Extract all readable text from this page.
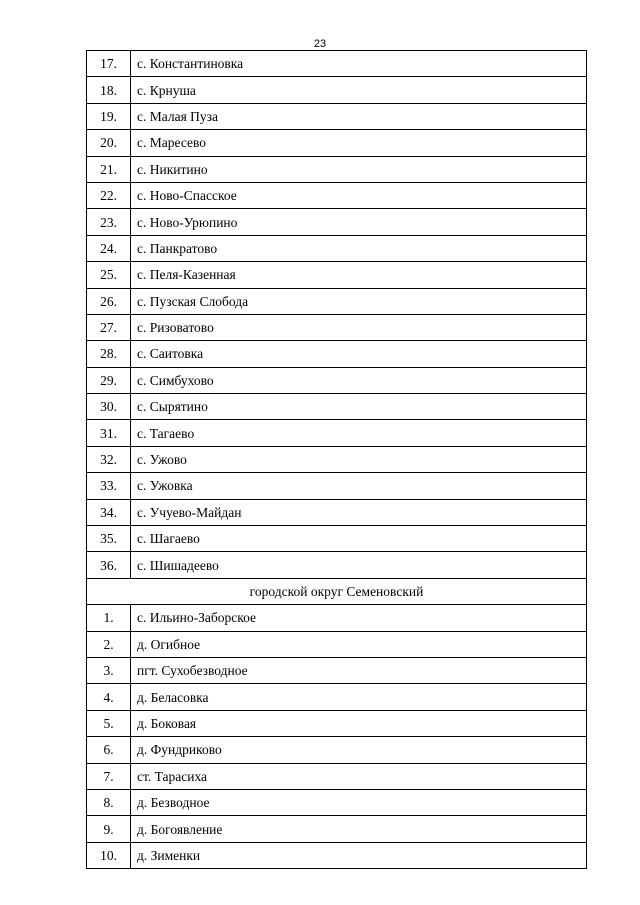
23
17.	с. Константиновка
18.	с. Крнуша
19.	с. Малая Пуза
20.	с. Маресево
21.	с. Никитино
22.	с. Ново-Спасское
23.	с. Ново-Урюпино
24.	с. Панкратово
25.	с. Пеля-Казенная
26.	с. Пузская Слобода
27.	с. Ризоватово
28.	с. Саитовка
29.	с. Симбухово
30.	с. Сырятино
31.	с. Тагаево
32.	с. Ужово
33.	с. Ужовка
34.	с. Учуево-Майдан
35.	с. Шагаево
36.	с. Шишадеево
городской округ Семеновский	
1.	с. Ильино-Заборское
2.	д. Огибное
3.	пгт. Сухобезводное
4.	д. Беласовка
5.	д. Боковая
6.	д. Фундриково
7.	ст. Тарасиха
8.	д. Безводное
9.	д. Богоявление
10.	д. Зименки
